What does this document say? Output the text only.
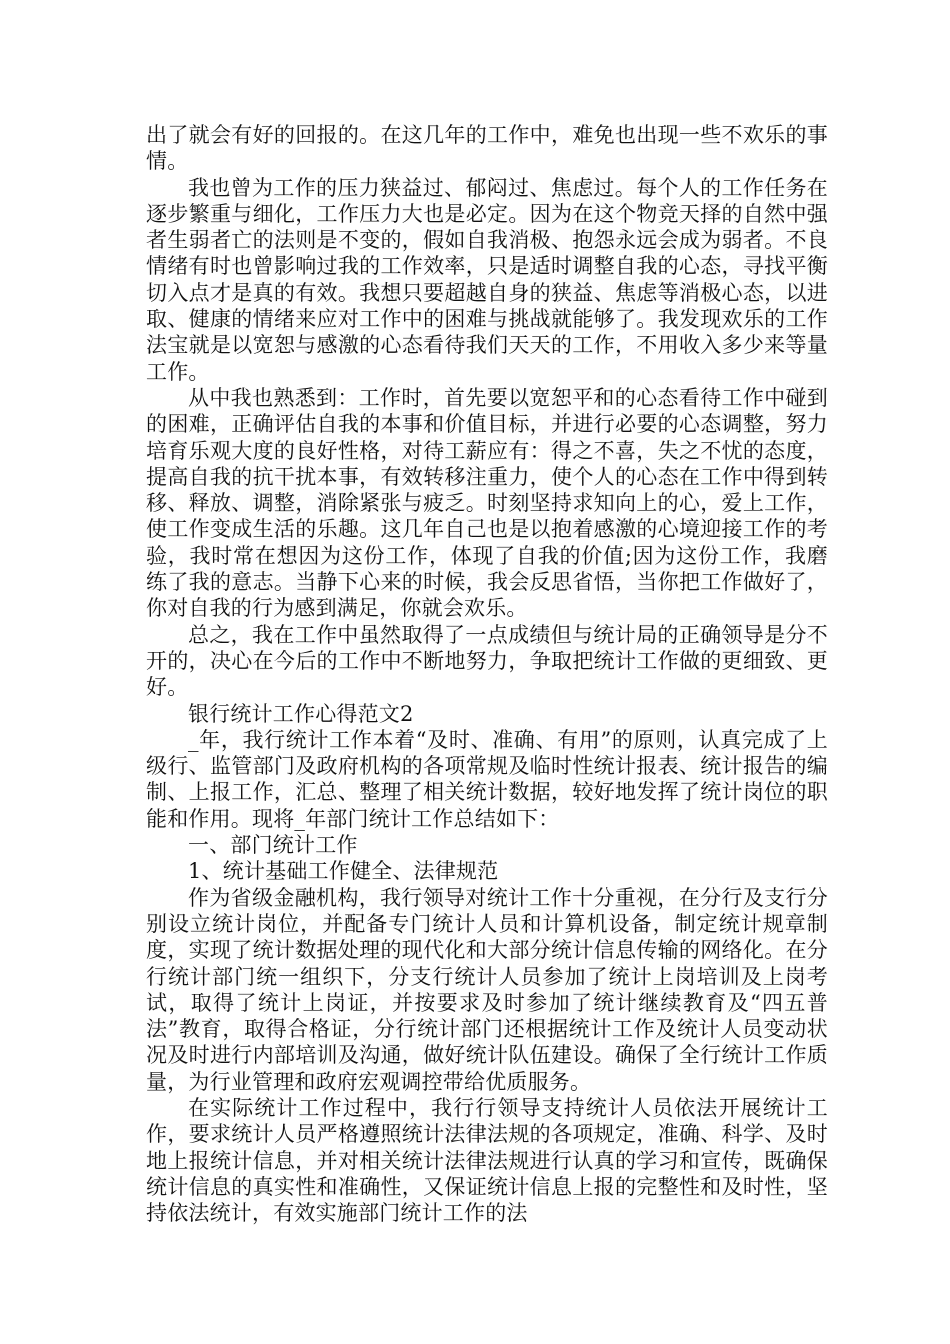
出了就会有好的回报的。在这几年的工作中，难免也出现一些不欢乐的事情。

我也曾为工作的压力狭益过、郁闷过、焦虑过。每个人的工作任务在逐步繁重与细化，工作压力大也是必定。因为在这个物竞天择的自然中强者生弱者亡的法则是不变的，假如自我消极、抱怨永远会成为弱者。不良情绪有时也曾影响过我的工作效率，只是适时调整自我的心态，寻找平衡切入点才是真的有效。我想只要超越自身的狭益、焦虑等消极心态，以进取、健康的情绪来应对工作中的困难与挑战就能够了。我发现欢乐的工作法宝就是以宽恕与感激的心态看待我们天天的工作，不用收入多少来等量工作。

从中我也熟悉到：工作时，首先要以宽恕平和的心态看待工作中碰到的困难，正确评估自我的本事和价值目标，并进行必要的心态调整，努力培育乐观大度的良好性格，对待工薪应有：得之不喜，失之不忧的态度，提高自我的抗干扰本事，有效转移注重力，使个人的心态在工作中得到转移、释放、调整，消除紧张与疲乏。时刻坚持求知向上的心，爱上工作，使工作变成生活的乐趣。这几年自己也是以抱着感激的心境迎接工作的考验，我时常在想因为这份工作，体现了自我的价值;因为这份工作，我磨练了我的意志。当静下心来的时候，我会反思省悟，当你把工作做好了，你对自我的行为感到满足，你就会欢乐。

总之，我在工作中虽然取得了一点成绩但与统计局的正确领导是分不开的，决心在今后的工作中不断地努力，争取把统计工作做的更细致、更好。

银行统计工作心得范文2

_年，我行统计工作本着“及时、准确、有用”的原则，认真完成了上级行、监管部门及政府机构的各项常规及临时性统计报表、统计报告的编制、上报工作，汇总、整理了相关统计数据，较好地发挥了统计岗位的职能和作用。现将_年部门统计工作总结如下：

一、部门统计工作

1、统计基础工作健全、法律规范

作为省级金融机构，我行领导对统计工作十分重视，在分行及支行分别设立统计岗位，并配备专门统计人员和计算机设备，制定统计规章制度，实现了统计数据处理的现代化和大部分统计信息传输的网络化。在分行统计部门统一组织下，分支行统计人员参加了统计上岗培训及上岗考试，取得了统计上岗证，并按要求及时参加了统计继续教育及“四五普法”教育，取得合格证，分行统计部门还根据统计工作及统计人员变动状况及时进行内部培训及沟通，做好统计队伍建设。确保了全行统计工作质量，为行业管理和政府宏观调控带给优质服务。

在实际统计工作过程中，我行行领导支持统计人员依法开展统计工作，要求统计人员严格遵照统计法律法规的各项规定，准确、科学、及时地上报统计信息，并对相关统计法律法规进行认真的学习和宣传，既确保统计信息的真实性和准确性，又保证统计信息上报的完整性和及时性，坚持依法统计，有效实施部门统计工作的法
